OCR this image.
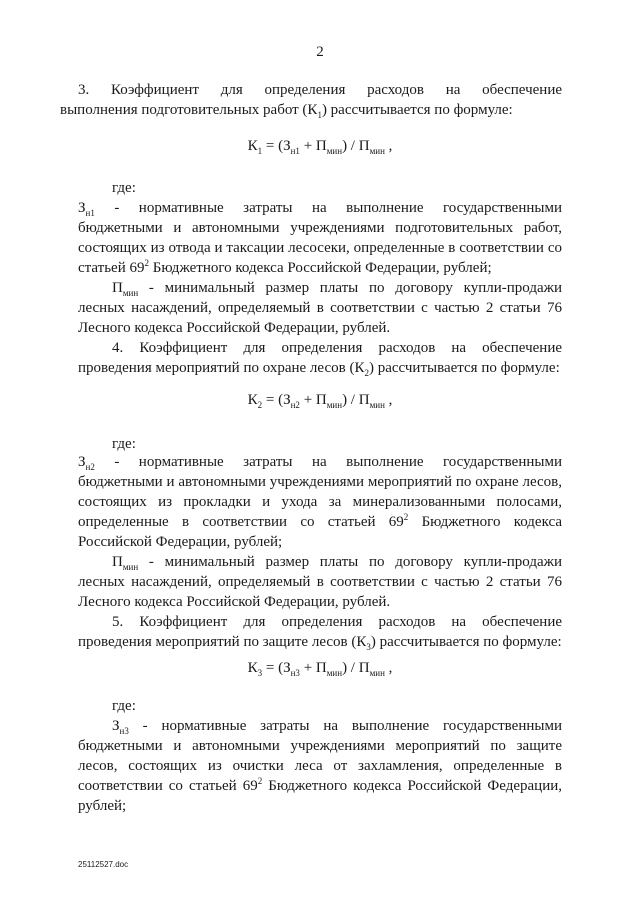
2
3. Коэффициент для определения расходов на обеспечение
выполнения подготовительных работ $(К_1)$ рассчитывается по формуле:
$К_1 = (З_{н1} + П_{мин}) / П_{мин}$ ,
где:
$З_{н1}$ - нормативные затраты на выполнение государственными
бюджетными и автономными учреждениями подготовительных работ,
состоящих из отвода и таксации лесосеки, определенные в соответствии со
статьей $69^2$ Бюджетного кодекса Российской Федерации, рублей;
$П_{мин}$ - минимальный размер платы по договору купли-продажи
лесных насаждений, определяемый в соответствии с частью 2 статьи 76
Лесного кодекса Российской Федерации, рублей.
4. Коэффициент для определения расходов на обеспечение
проведения мероприятий по охране лесов $(К_2)$ рассчитывается по формуле:
$К_2 = (З_{н2} + П_{мин}) / П_{мин}$ ,
где:
$З_{н2}$ - нормативные затраты на выполнение государственными
бюджетными и автономными учреждениями мероприятий по охране лесов,
состоящих из прокладки и ухода за минерализованными полосами,
определенные в соответствии со статьей $69^2$ Бюджетного кодекса
Российской Федерации, рублей;
$П_{мин}$ - минимальный размер платы по договору купли-продажи
лесных насаждений, определяемый в соответствии с частью 2 статьи 76
Лесного кодекса Российской Федерации, рублей.
5. Коэффициент для определения расходов на обеспечение
проведения мероприятий по защите лесов $(К_3)$ рассчитывается по формуле:
$К_3 = (З_{н3} + П_{мин}) / П_{мин}$ ,
где:
$З_{н3}$ - нормативные затраты на выполнение государственными
бюджетными и автономными учреждениями мероприятий по защите
лесов, состоящих из очистки леса от захламления, определенные в
соответствии со статьей $69^2$ Бюджетного кодекса Российской Федерации,
рублей;
25112527.doc
